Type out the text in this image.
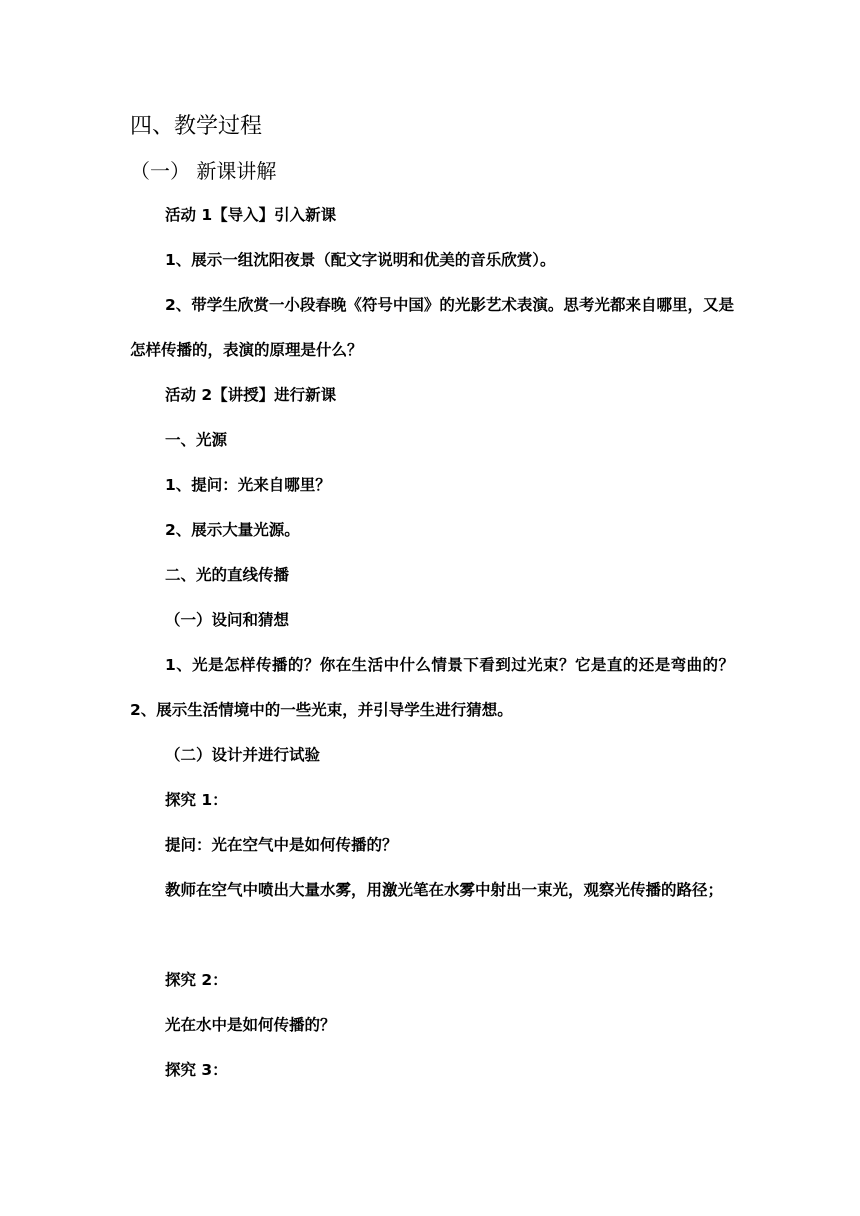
四、教学过程
（一） 新课讲解

活动 1【导入】引入新课

1、展示一组沈阳夜景（配文字说明和优美的音乐欣赏）。

2、带学生欣赏一小段春晚《符号中国》的光影艺术表演。思考光都来自哪里，又是怎样传播的，表演的原理是什么？

活动 2【讲授】进行新课

一、光源

1、提问：光来自哪里？

2、展示大量光源。

二、光的直线传播

（一）设问和猜想

1、光是怎样传播的？你在生活中什么情景下看到过光束？它是直的还是弯曲的？2、展示生活情境中的一些光束，并引导学生进行猜想。

（二）设计并进行试验

探究 1：

提问：光在空气中是如何传播的？

教师在空气中喷出大量水雾，用激光笔在水雾中射出一束光，观察光传播的路径；

探究 2：

光在水中是如何传播的？

探究 3：
